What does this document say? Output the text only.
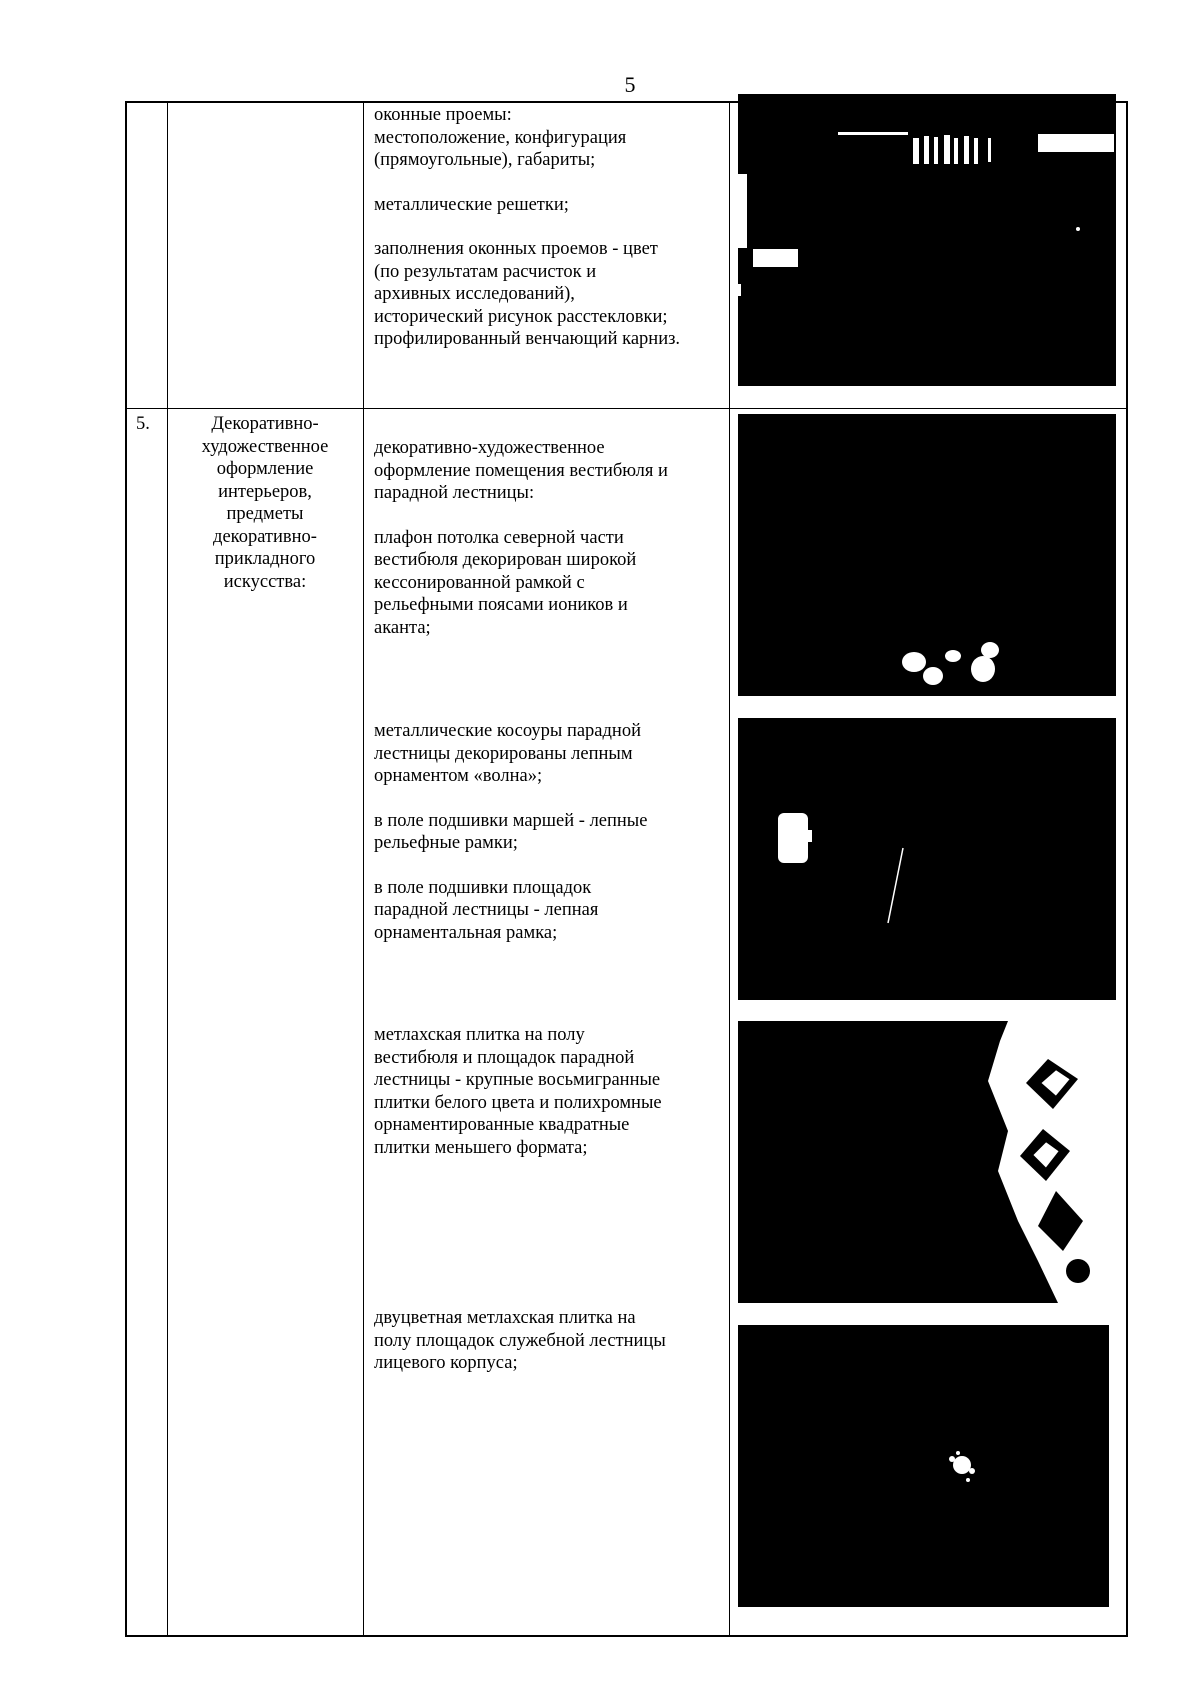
5

оконные проемы:
местоположение, конфигурация
(прямоугольные), габариты;

металлические решетки;

заполнения оконных проемов - цвет
(по результатам расчисток и
архивных исследований),
исторический рисунок расстекловки;
профилированный венчающий карниз.

5.	Декоративно-
художественное
оформление
интерьеров,
предметы
декоративно-
прикладного
искусства:

декоративно-художественное
оформление помещения вестибюля и
парадной лестницы:

плафон потолка северной части
вестибюля декорирован широкой
кессонированной рамкой с
рельефными поясами иоников и
аканта;

металлические косоуры парадной
лестницы декорированы лепным
орнаментом «волна»;

в поле подшивки маршей - лепные
рельефные рамки;

в поле подшивки площадок
парадной лестницы - лепная
орнаментальная рамка;

метлахская плитка на полу
вестибюля и площадок парадной
лестницы - крупные восьмигранные
плитки белого цвета и полихромные
орнаментированные квадратные
плитки меньшего формата;

двуцветная метлахская плитка на
полу площадок служебной лестницы
лицевого корпуса;
